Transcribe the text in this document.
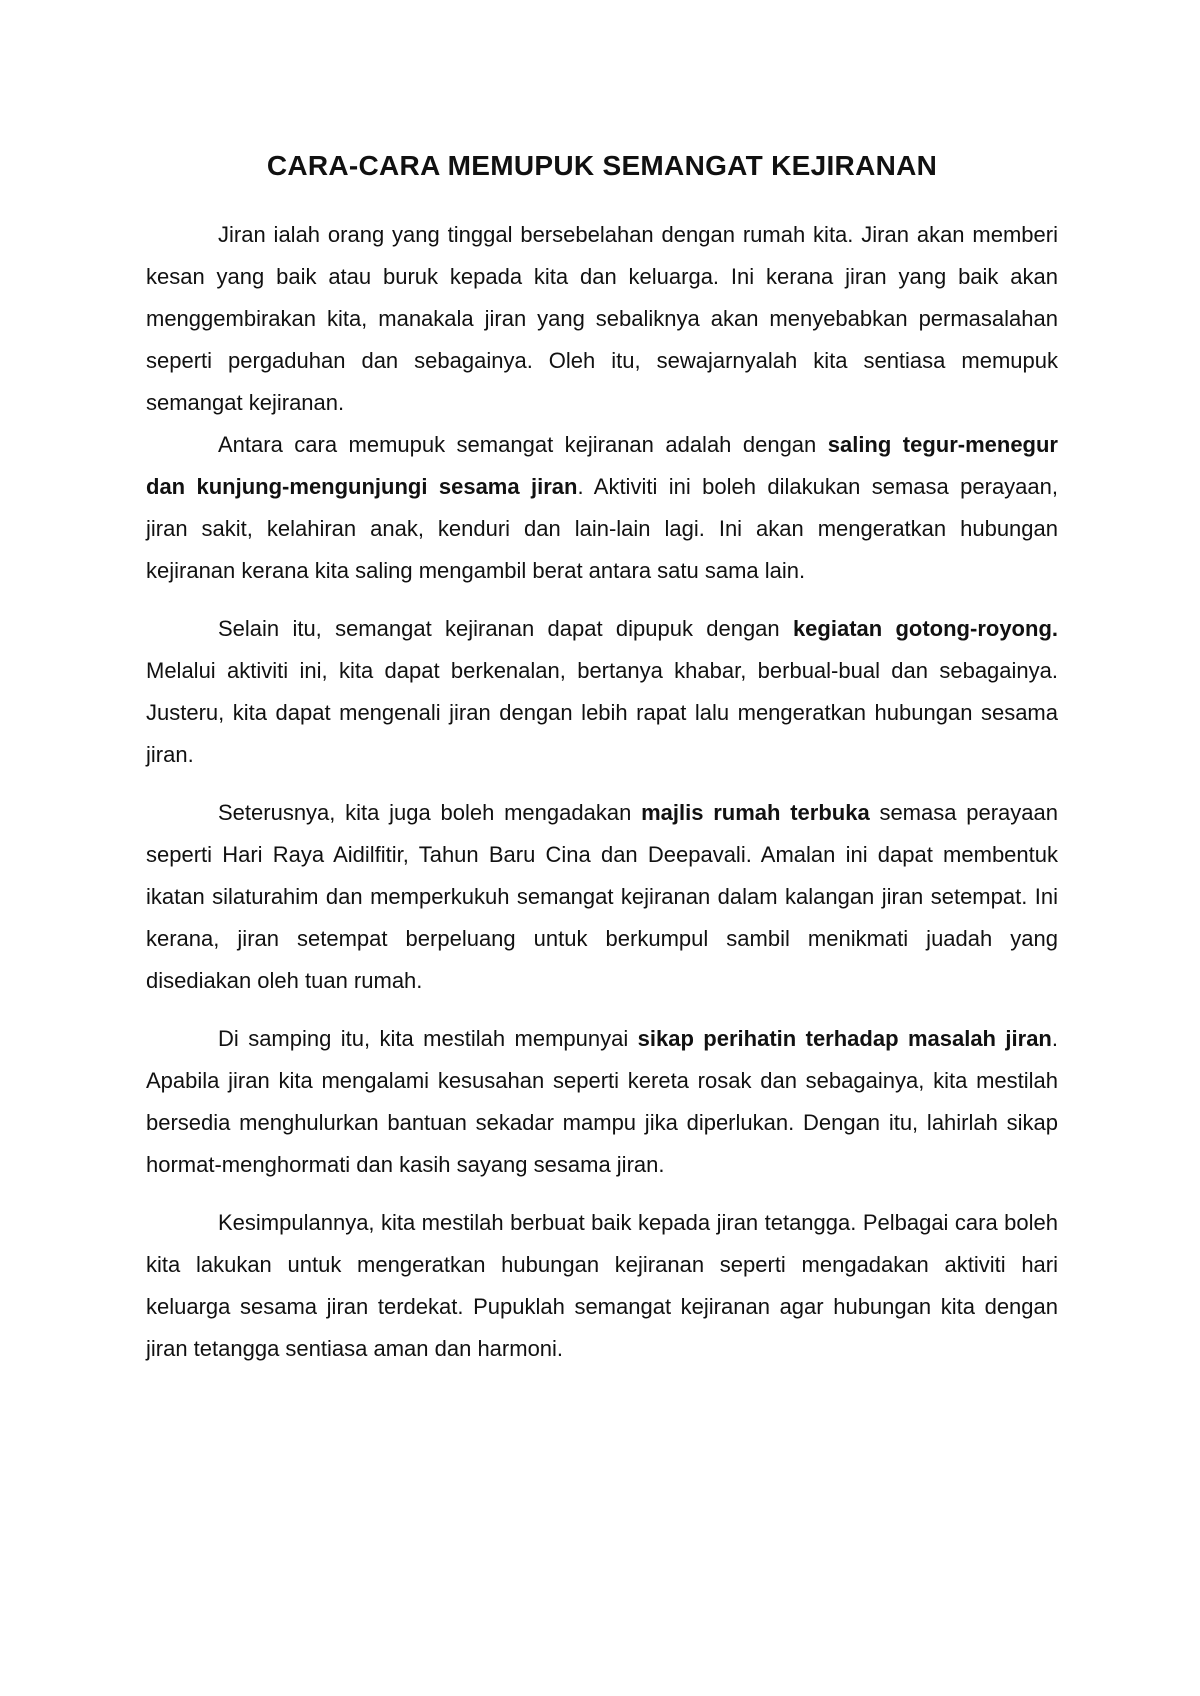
CARA-CARA MEMUPUK SEMANGAT KEJIRANAN

Jiran ialah orang yang tinggal bersebelahan dengan rumah kita. Jiran akan memberi kesan yang baik atau buruk kepada kita dan keluarga. Ini kerana jiran yang baik akan menggembirakan kita, manakala jiran yang sebaliknya akan menyebabkan permasalahan seperti pergaduhan dan sebagainya. Oleh itu, sewajarnyalah kita sentiasa memupuk semangat kejiranan.

Antara cara memupuk semangat kejiranan adalah dengan saling tegur-menegur dan kunjung-mengunjungi sesama jiran. Aktiviti ini boleh dilakukan semasa perayaan, jiran sakit, kelahiran anak, kenduri dan lain-lain lagi. Ini akan mengeratkan hubungan kejiranan kerana kita saling mengambil berat antara satu sama lain.

Selain itu, semangat kejiranan dapat dipupuk dengan kegiatan gotong-royong. Melalui aktiviti ini, kita dapat berkenalan, bertanya khabar, berbual-bual dan sebagainya. Justeru, kita dapat mengenali jiran dengan lebih rapat lalu mengeratkan hubungan sesama jiran.

Seterusnya, kita juga boleh mengadakan majlis rumah terbuka semasa perayaan seperti Hari Raya Aidilfitir, Tahun Baru Cina dan Deepavali. Amalan ini dapat membentuk ikatan silaturahim dan memperkukuh semangat kejiranan dalam kalangan jiran setempat. Ini kerana, jiran setempat berpeluang untuk berkumpul sambil menikmati juadah yang disediakan oleh tuan rumah.

Di samping itu, kita mestilah mempunyai sikap perihatin terhadap masalah jiran. Apabila jiran kita mengalami kesusahan seperti kereta rosak dan sebagainya, kita mestilah bersedia menghulurkan bantuan sekadar mampu jika diperlukan. Dengan itu, lahirlah sikap hormat-menghormati dan kasih sayang sesama jiran.

Kesimpulannya, kita mestilah berbuat baik kepada jiran tetangga. Pelbagai cara boleh kita lakukan untuk mengeratkan hubungan kejiranan seperti mengadakan aktiviti hari keluarga sesama jiran terdekat. Pupuklah semangat kejiranan agar hubungan kita dengan jiran tetangga sentiasa aman dan harmoni.
